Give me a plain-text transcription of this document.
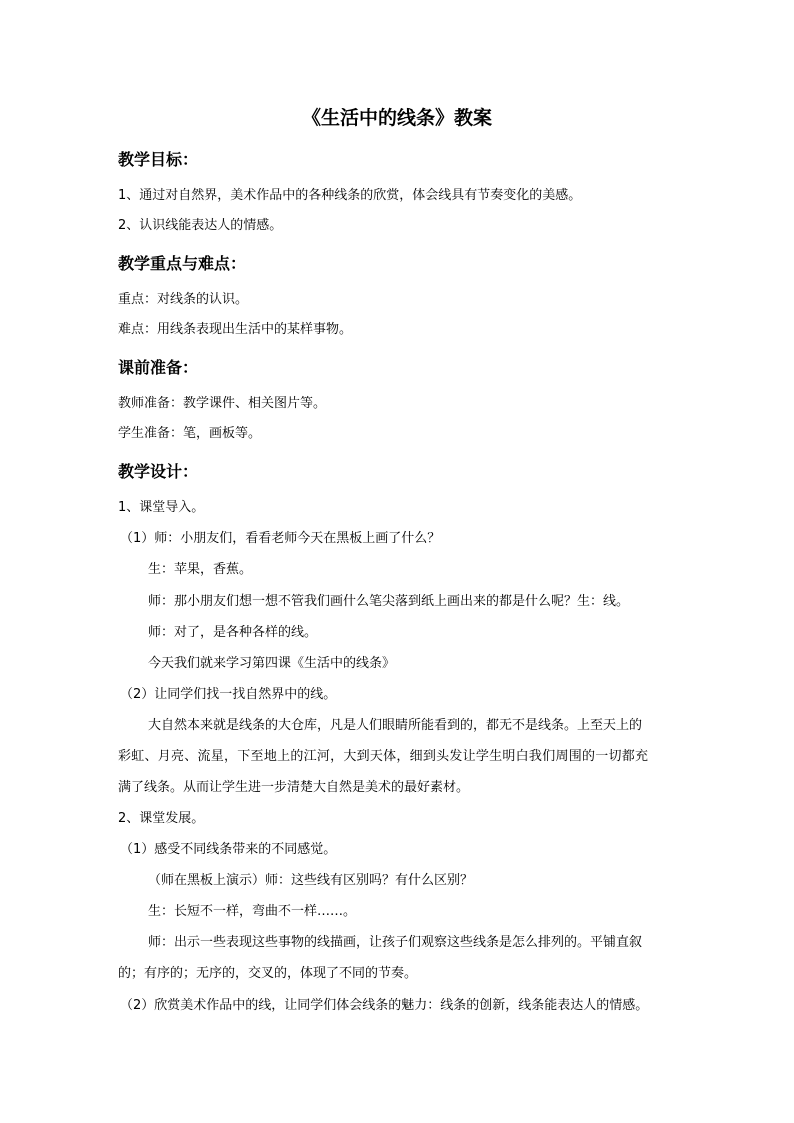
《生活中的线条》教案
教学目标：
1、通过对自然界，美术作品中的各种线条的欣赏，体会线具有节奏变化的美感。
2、认识线能表达人的情感。
教学重点与难点：
重点：对线条的认识。
难点：用线条表现出生活中的某样事物。
课前准备：
教师准备：教学课件、相关图片等。
学生准备：笔，画板等。
教学设计：
1、课堂导入。
（1）师：小朋友们，看看老师今天在黑板上画了什么？
生：苹果，香蕉。
师：那小朋友们想一想不管我们画什么笔尖落到纸上画出来的都是什么呢？生：线。
师：对了，是各种各样的线。
今天我们就来学习第四课《生活中的线条》
（2）让同学们找一找自然界中的线。
大自然本来就是线条的大仓库，凡是人们眼睛所能看到的，都无不是线条。上至天上的
彩虹、月亮、流星，下至地上的江河，大到天体，细到头发让学生明白我们周围的一切都充
满了线条。从而让学生进一步清楚大自然是美术的最好素材。
2、课堂发展。
（1）感受不同线条带来的不同感觉。
（师在黑板上演示）师：这些线有区别吗？有什么区别？
生：长短不一样，弯曲不一样……。
师：出示一些表现这些事物的线描画，让孩子们观察这些线条是怎么排列的。平铺直叙
的；有序的；无序的，交叉的，体现了不同的节奏。
（2）欣赏美术作品中的线，让同学们体会线条的魅力：线条的创新，线条能表达人的情感。
